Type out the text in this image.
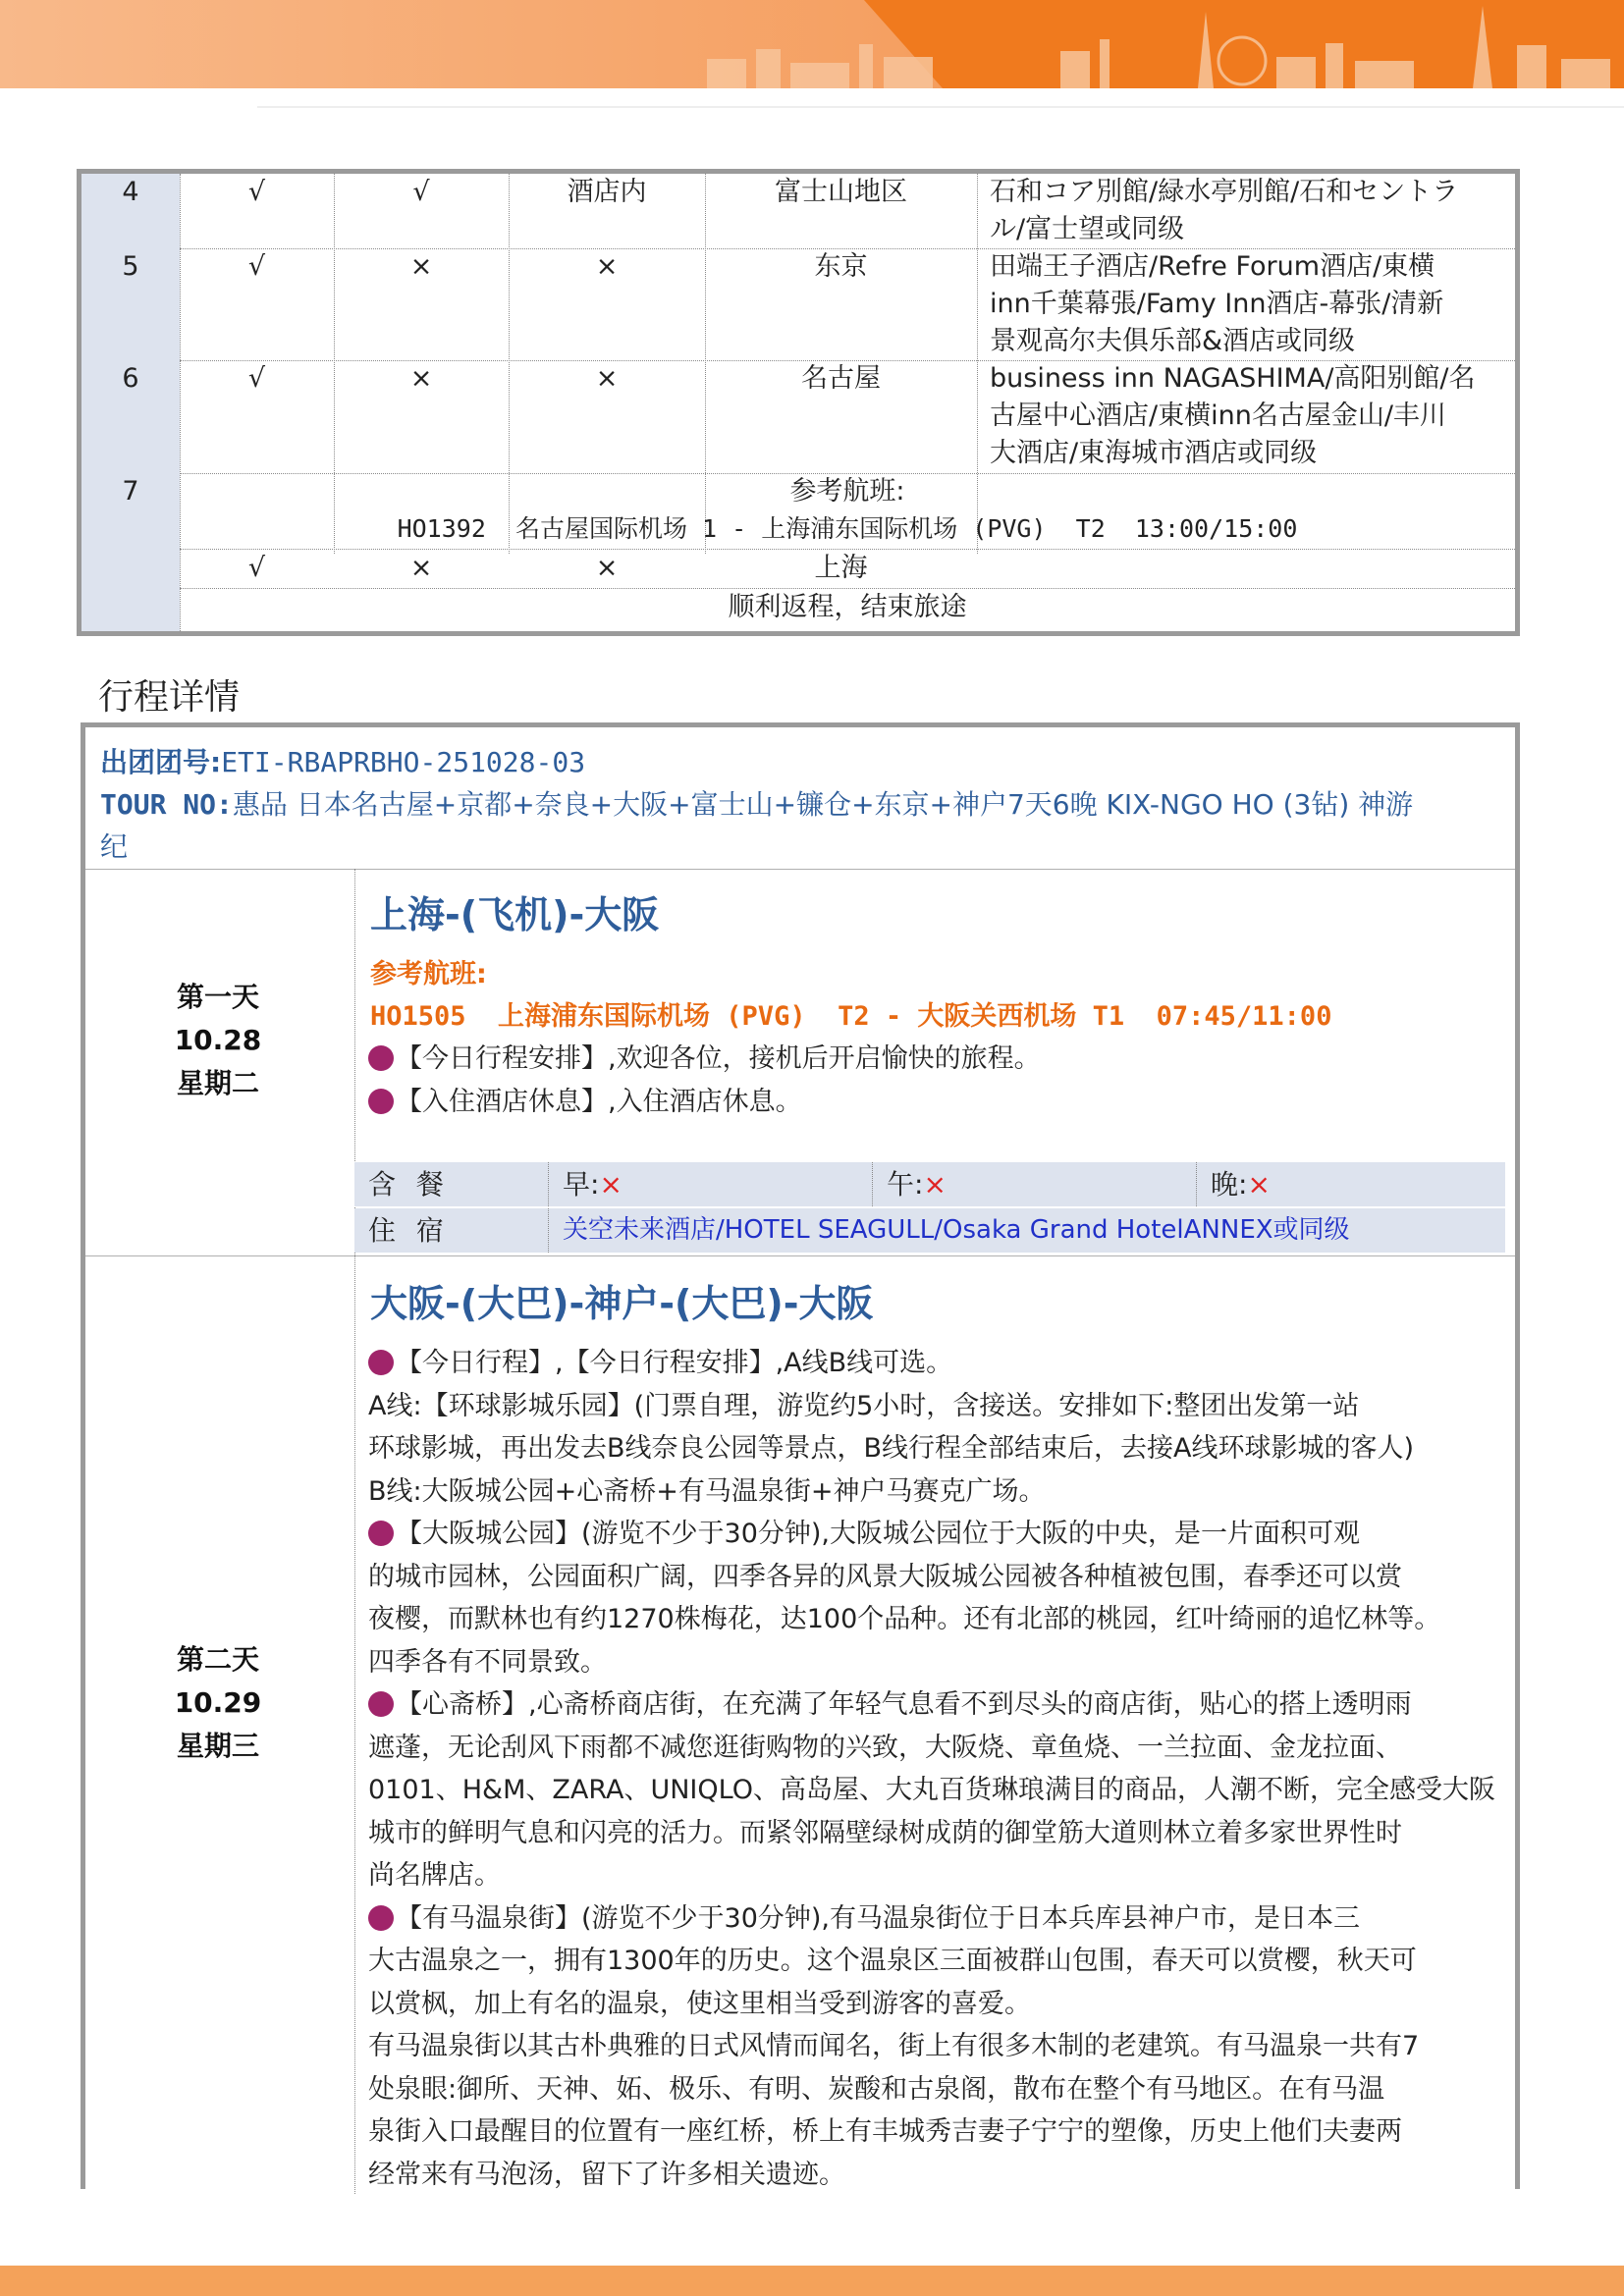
4	√	√	酒店内	富士山地区	石和コア別館/緑水亭別館/石和セントラ
ル/富士望或同级
5	√	×	×	东京	田端王子酒店/Refre Forum酒店/東横
inn千葉幕張/Famy Inn酒店-幕张/清新
景观高尔夫俱乐部&酒店或同级
6	√	×	×	名古屋	business inn NAGASHIMA/高阳别館/名
古屋中心酒店/東横inn名古屋金山/丰川
大酒店/東海城市酒店或同级
7	参考航班:
HO1392  名古屋国际机场 1 - 上海浦东国际机场 (PVG)  T2  13:00/15:00
√	×	×	上海
顺利返程，结束旅途
行程详情
出团团号:ETI-RBAPRBHO-251028-03
TOUR NO:惠品 日本名古屋+京都+奈良+大阪+富士山+镰仓+东京+神户7天6晚 KIX-NGO HO (3钻) 神游
纪
第一天
10.28
星期二
上海-(飞机)-大阪
参考航班:
HO1505  上海浦东国际机场 (PVG)  T2 - 大阪关西机场 T1  07:45/11:00
【今日行程安排】,欢迎各位，接机后开启愉快的旅程。
【入住酒店休息】,入住酒店休息。
含 餐	早:×	午:×	晚:×
住 宿	关空未来酒店/HOTEL SEAGULL/Osaka Grand HotelANNEX或同级
第二天
10.29
星期三
大阪-(大巴)-神户-(大巴)-大阪
【今日行程】,【今日行程安排】,A线B线可选。
A线:【环球影城乐园】(门票自理，游览约5小时，含接送。安排如下:整团出发第一站
环球影城，再出发去B线奈良公园等景点，B线行程全部结束后，去接A线环球影城的客人)
B线:大阪城公园+心斋桥+有马温泉街+神户马赛克广场。
【大阪城公园】(游览不少于30分钟),大阪城公园位于大阪的中央，是一片面积可观
的城市园林，公园面积广阔，四季各异的风景大阪城公园被各种植被包围，春季还可以赏
夜樱，而默林也有约1270株梅花，达100个品种。还有北部的桃园，红叶绮丽的追忆林等。
四季各有不同景致。
【心斋桥】,心斋桥商店街，在充满了年轻气息看不到尽头的商店街，贴心的搭上透明雨
遮蓬，无论刮风下雨都不减您逛街购物的兴致，大阪烧、章鱼烧、一兰拉面、金龙拉面、
0101、H&M、ZARA、UNIQLO、高岛屋、大丸百货琳琅满目的商品，人潮不断，完全感受大阪
城市的鲜明气息和闪亮的活力。而紧邻隔壁绿树成荫的御堂筋大道则林立着多家世界性时
尚名牌店。
【有马温泉街】(游览不少于30分钟),有马温泉街位于日本兵库县神户市，是日本三
大古温泉之一，拥有1300年的历史。这个温泉区三面被群山包围，春天可以赏樱，秋天可
以赏枫，加上有名的温泉，使这里相当受到游客的喜爱。
有马温泉街以其古朴典雅的日式风情而闻名，街上有很多木制的老建筑。有马温泉一共有7
处泉眼:御所、天神、妬、极乐、有明、炭酸和古泉阁，散布在整个有马地区。在有马温
泉街入口最醒目的位置有一座红桥，桥上有丰城秀吉妻子宁宁的塑像，历史上他们夫妻两
经常来有马泡汤，留下了许多相关遗迹。
